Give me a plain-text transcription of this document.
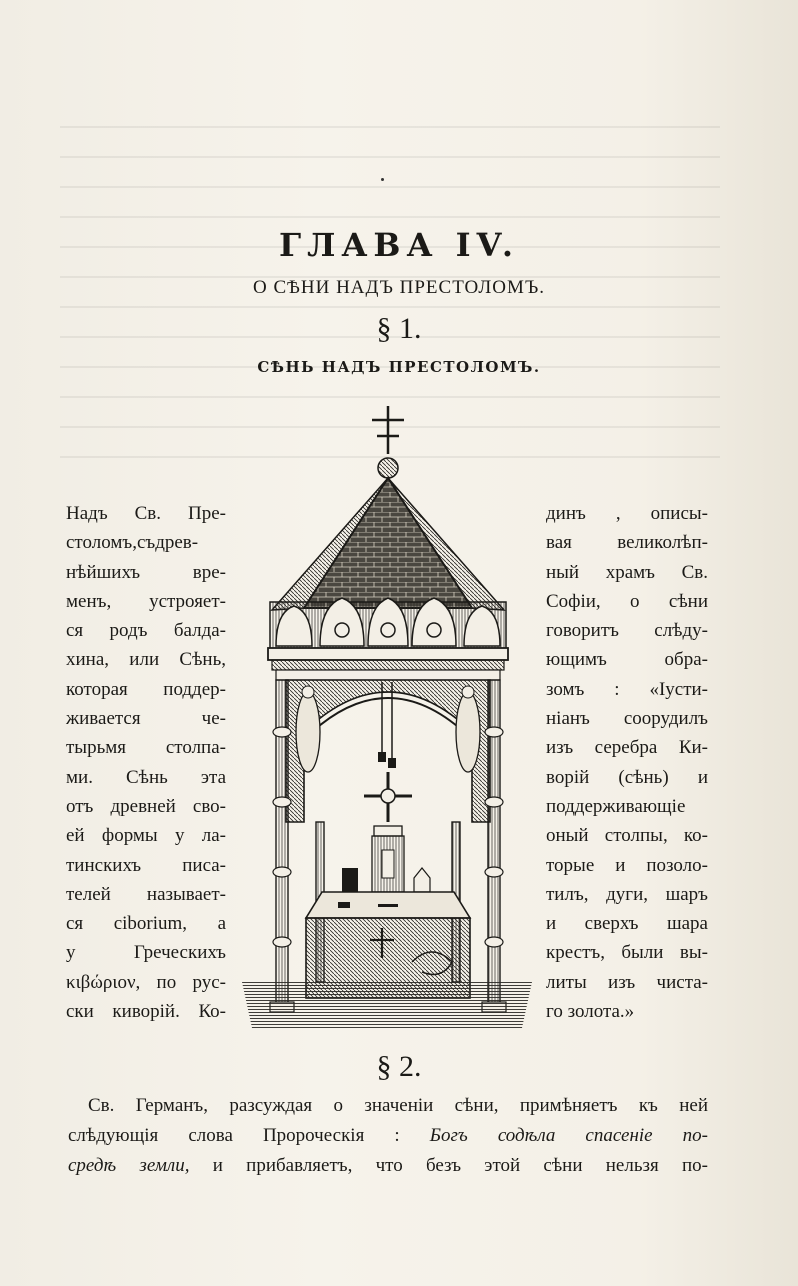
ГЛАВА IV.
О СѢНИ НАДЪ ПРЕСТОЛОМЪ.
§ 1.
СѢНЬ НАДЪ ПРЕСТОЛОМЪ.
Надъ Св. Пре-
столомъ,съдрев-
нѣйшихъ вре-
менъ, устрояет-
ся родъ балда-
хина, или Сѣнь,
которая поддер-
живается че-
тырьмя столпа-
ми. Сѣнь эта
отъ древней сво-
ей формы у ла-
тинскихъ писа-
телей называет-
ся cibоrium, а
у Греческихъ
κιβώριον, по рус-
ски киворій. Ко-
динъ , описы-
вая великолѣп-
ный храмъ Св.
Софіи, о сѣни
говоритъ слѣду-
ющимъ обра-
зомъ : «Іусти-
ніанъ соорудилъ
изъ серебра Ки-
ворій (сѣнь) и
поддерживающіе
оный столпы, ко-
торые и позоло-
тилъ, дуги, шаръ
и сверхъ шара
крестъ, были вы-
литы изъ чиста-
го золота.»
§ 2.
Св. Германъ, разсуждая о значеніи сѣни, примѣняетъ къ ней
слѣдующія слова Пророческія : Богъ содѣла спасеніе по-
средѣ земли, и прибавляетъ, что безъ этой сѣни нельзя по-
